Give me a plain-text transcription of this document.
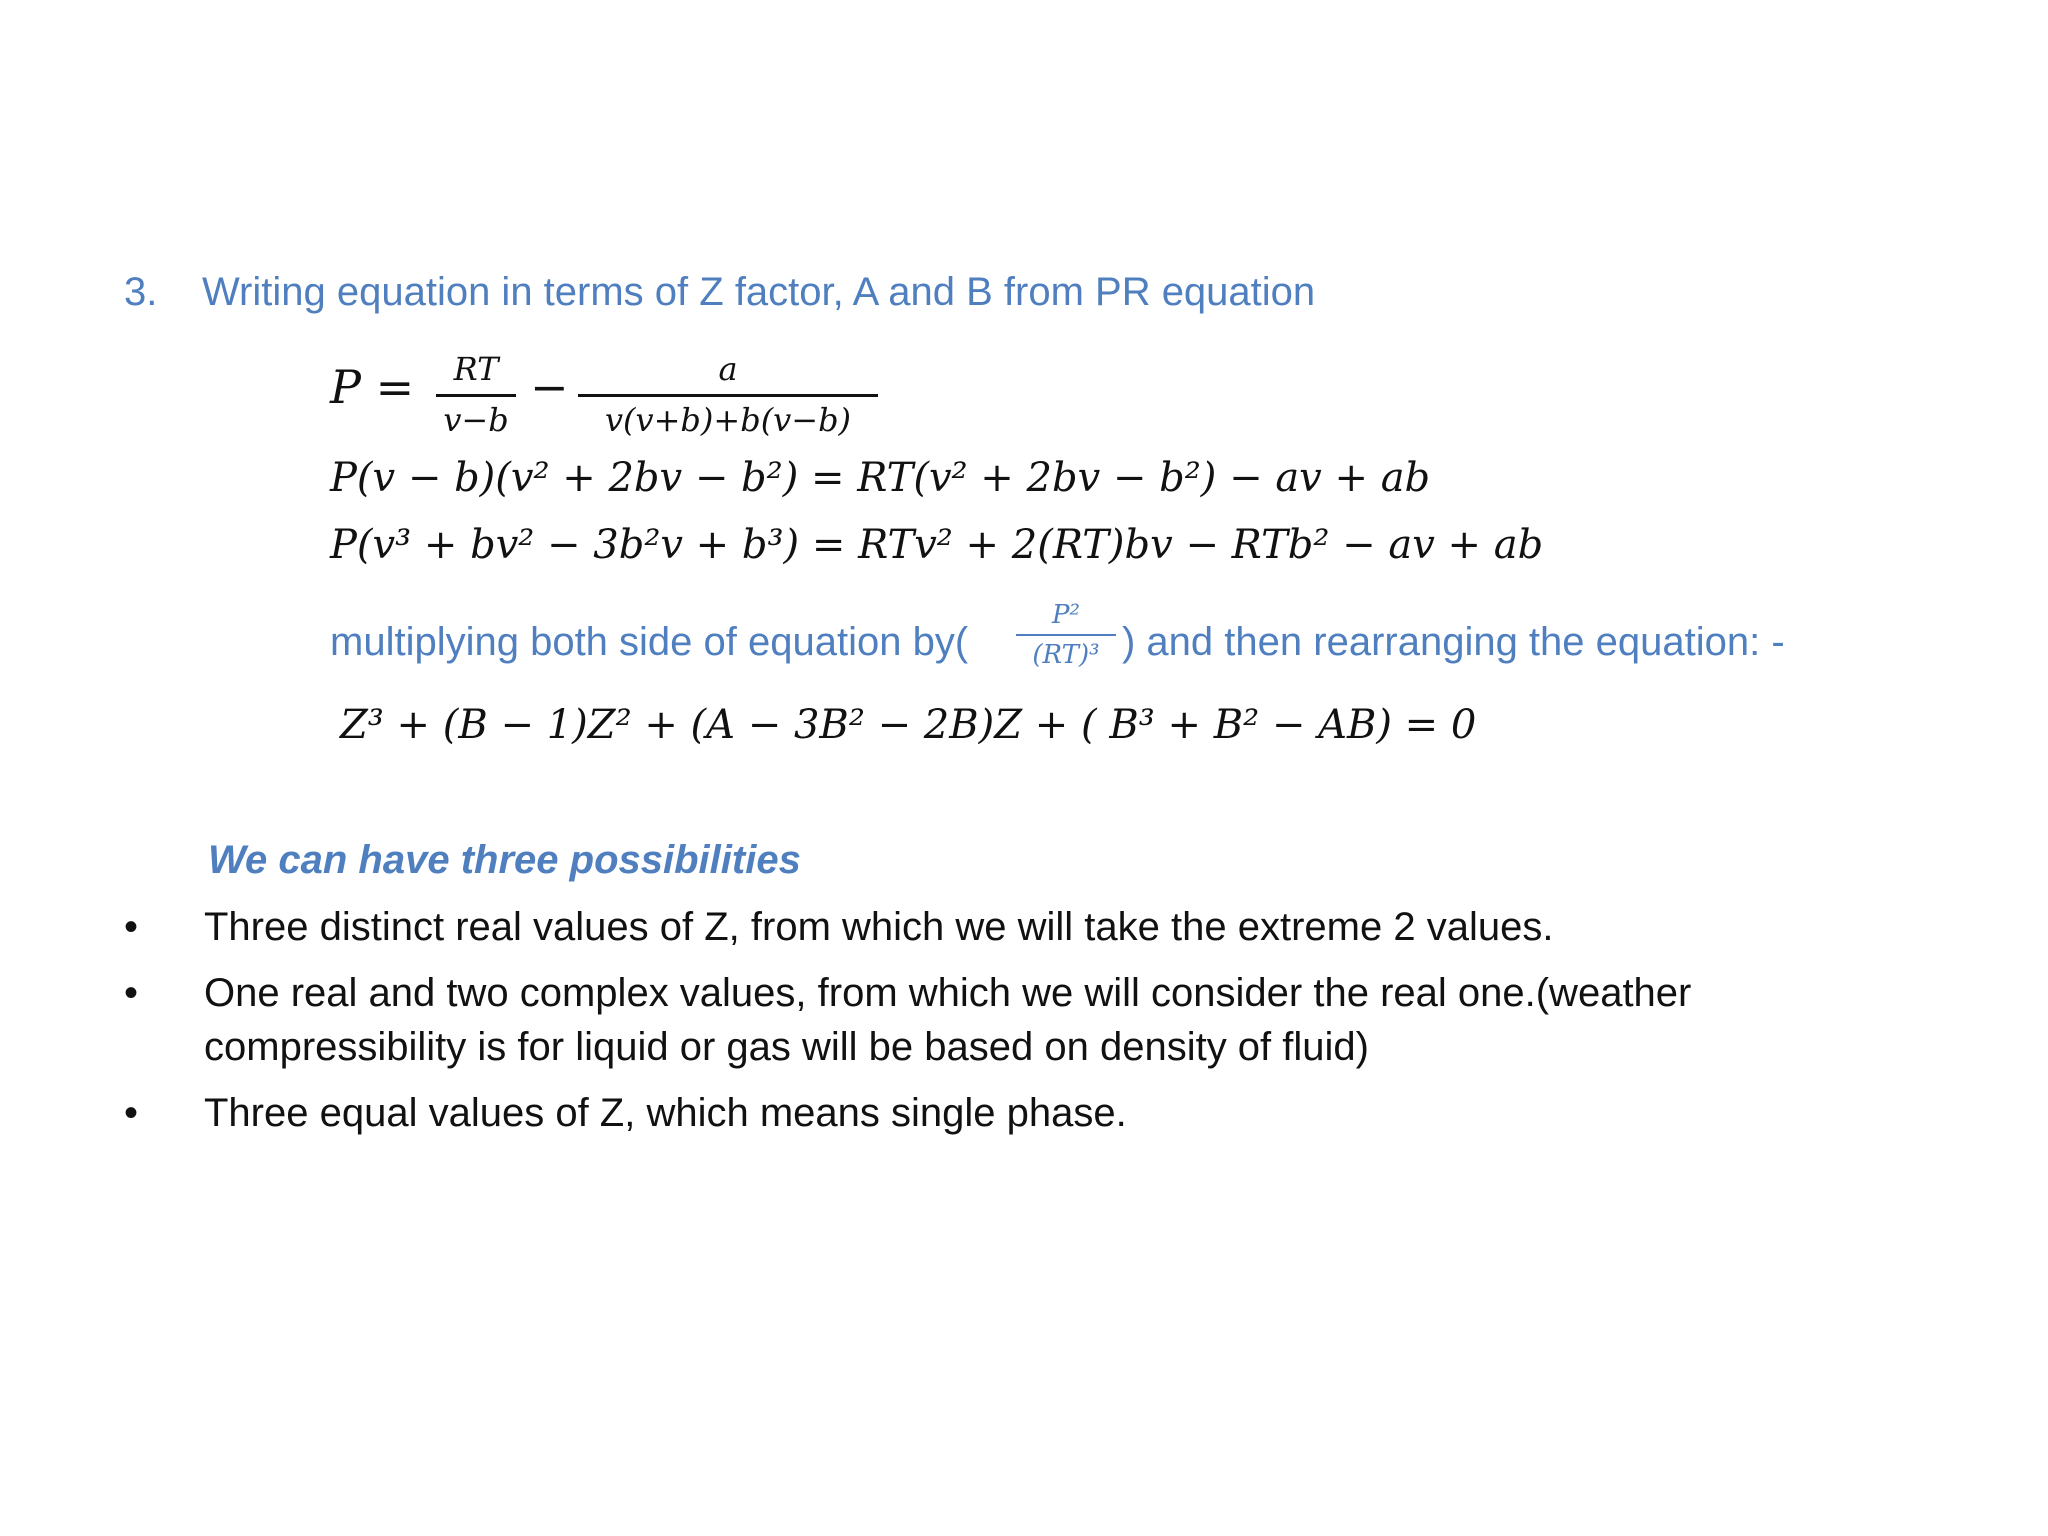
3. Writing equation in terms of Z factor, A and B from PR equation
P =	RT
v−b
−	a
v(v+b)+b(v−b)
P(v − b)(v² + 2bv − b²) = RT(v² + 2bv − b²) − av + ab
P(v³ + bv² − 3b²v + b³) = RTv² + 2(RT)bv − RTb² − av + ab
multiplying both side of equation by(
P²
(RT)³ ) and then rearranging the equation: -
Z³ + (B − 1)Z² + (A − 3B² − 2B)Z + ( B³ + B² − AB) = 0
We can have three possibilities
•	Three distinct real values of Z, from which we will take the extreme 2 values.
•	One real and two complex values, from which we will consider the real one.(weather compressibility is for liquid or gas will be based on density of fluid)
•	Three equal values of Z, which means single phase.
